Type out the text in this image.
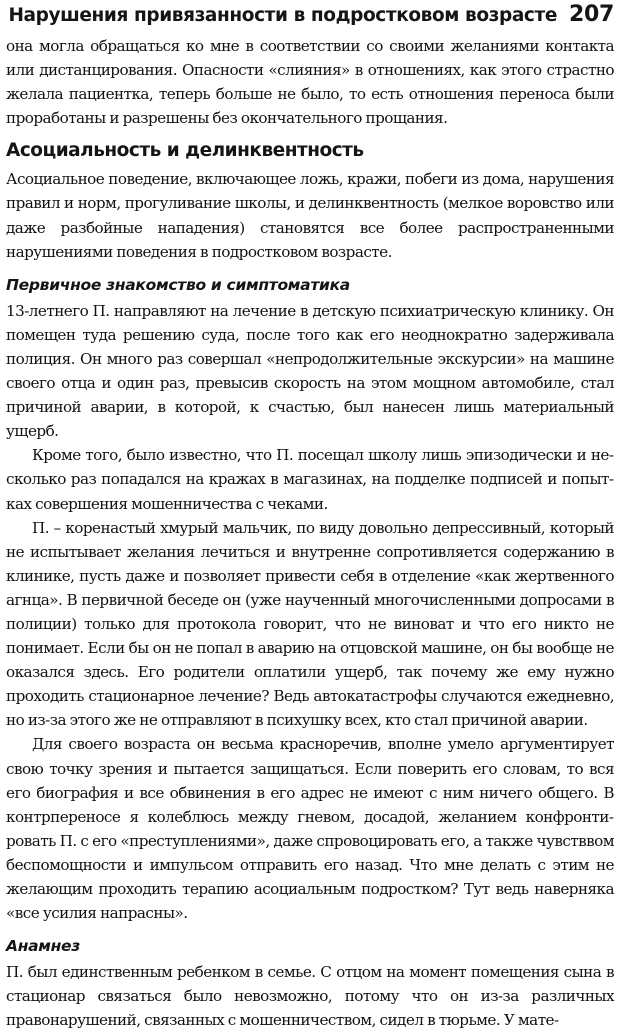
Нарушения привязанности в подростковом возрасте 207

она могла обращаться ко мне в соответствии со своими желаниями контакта или дистанцирования. Опасности «слияния» в отношениях, как этого страстно желала пациентка, теперь больше не было, то есть отношения переноса были проработаны и разрешены без окончательного прощания.

Асоциальность и делинквентность

Асоциальное поведение, включающее ложь, кражи, побеги из дома, нарушения правил и норм, прогуливание школы, и делинквентность (мелкое воровство или даже разбойные нападения) становятся все более распространенными нарушениями поведения в подростковом возрасте.

Первичное знакомство и симптоматика

13-летнего П. направляют на лечение в детскую психиатрическую клинику. Он помещен туда решению суда, после того как его неоднократно задерживала полиция. Он много раз совершал «непродолжительные экскурсии» на машине своего отца и один раз, превысив скорость на этом мощном автомобиле, стал причиной аварии, в которой, к счастью, был нанесен лишь материальный ущерб.

Кроме того, было известно, что П. посещал школу лишь эпизодически и несколько раз попадался на кражах в магазинах, на подделке подписей и попытках совершения мошенничества с чеками.

П. – коренастый хмурый мальчик, по виду довольно депрессивный, который не испытывает желания лечиться и внутренне сопротивляется содержанию в клинике, пусть даже и позволяет привести себя в отделение «как жертвенного агнца». В первичной беседе он (уже наученный многочисленными допросами в полиции) только для протокола говорит, что не виноват и что его никто не понимает. Если бы он не попал в аварию на отцовской машине, он бы вообще не оказался здесь. Его родители оплатили ущерб, так почему же ему нужно проходить стационарное лечение? Ведь автокатастрофы случаются ежедневно, но из-за этого же не отправляют в психушку всех, кто стал причиной аварии.

Для своего возраста он весьма красноречив, вполне умело аргументирует свою точку зрения и пытается защищаться. Если поверить его словам, то вся его биография и все обвинения в его адрес не имеют с ним ничего общего. В контрпереносе я колеблюсь между гневом, досадой, желанием конфронтировать П. с его «преступлениями», даже спровоцировать его, а также чувстввом беспомощности и импульсом отправить его назад. Что мне делать с этим не желающим проходить терапию асоциальным подростком? Тут ведь наверняка «все усилия напрасны».

Анамнез

П. был единственным ребенком в семье. С отцом на момент помещения сына в стационар связаться было невозможно, потому что он из-за различных правонарушений, связанных с мошенничеством, сидел в тюрьме. У мате-
